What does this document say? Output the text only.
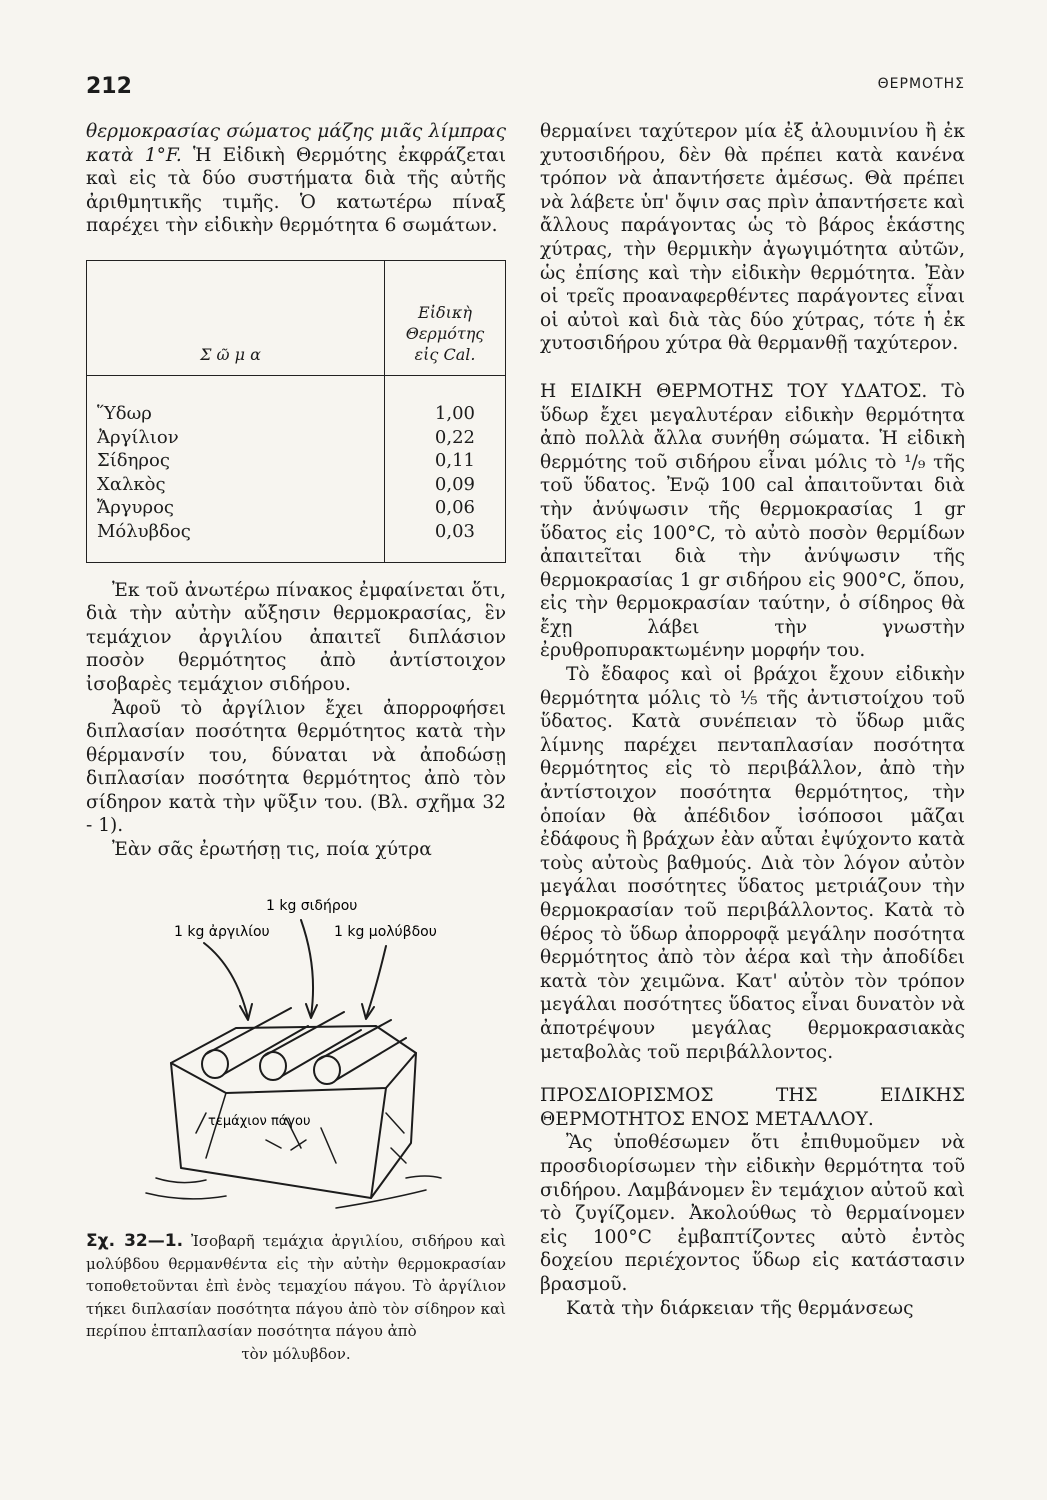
212	ΘΕΡΜΟΤΗΣ

θερμοκρασίας σώματος μάζης μιᾶς λίμπρας κατὰ 1°F. Ἡ Εἰδικὴ Θερμότης ἐκφράζεται καὶ εἰς τὰ δύο συστήματα διὰ τῆς αὐτῆς ἀριθμητικῆς τιμῆς. Ὁ κατωτέρω πίναξ παρέχει τὴν εἰδικὴν θερμότητα 6 σωμάτων.

Σ ῶ μ α	Εἰδικὴ
Θερμότης
εἰς Cal.
Ὕδωρ	1,00
Ἀργίλιον	0,22
Σίδηρος	0,11
Χαλκὸς	0,09
Ἄργυρος	0,06
Μόλυβδος	0,03

Ἐκ τοῦ ἀνωτέρω πίνακος ἐμφαίνεται ὅτι, διὰ τὴν αὐτὴν αὔξησιν θερμοκρασίας, ἓν τεμάχιον ἀργιλίου ἀπαιτεῖ διπλάσιον ποσὸν θερμότητος ἀπὸ ἀντίστοιχον ἰσοβαρὲς τεμάχιον σιδήρου.

Ἀφοῦ τὸ ἀργίλιον ἔχει ἀπορροφήσει διπλασίαν ποσότητα θερμότητος κατὰ τὴν θέρμανσίν του, δύναται νὰ ἀποδώσῃ διπλασίαν ποσότητα θερμότητος ἀπὸ τὸν σίδηρον κατὰ τὴν ψῦξιν του. (Βλ. σχῆμα 32 - 1).

Ἐὰν σᾶς ἐρωτήσῃ τις, ποία χύτρα

1 kg σιδήρου
1 kg ἀργιλίου	1 kg μολύβδου
τεμάχιον πάγου

Σχ. 32—1. Ἰσοβαρῆ τεμάχια ἀργιλίου, σιδήρου καὶ μολύβδου θερμανθέντα εἰς τὴν αὐτὴν θερμοκρασίαν τοποθετοῦνται ἐπὶ ἑνὸς τεμαχίου πάγου. Τὸ ἀργίλιον τήκει διπλασίαν ποσότητα πάγου ἀπὸ τὸν σίδηρον καὶ περίπου ἑπταπλασίαν ποσότητα πάγου ἀπὸ
τὸν μόλυβδον.

θερμαίνει ταχύτερον μία ἐξ ἀλουμινίου ἢ ἐκ χυτοσιδήρου, δὲν θὰ πρέπει κατὰ κανένα τρόπον νὰ ἀπαντήσετε ἀμέσως. Θὰ πρέπει νὰ λάβετε ὑπ' ὄψιν σας πρὶν ἀπαντήσετε καὶ ἄλλους παράγοντας ὡς τὸ βάρος ἑκάστης χύτρας, τὴν θερμικὴν ἀγωγιμότητα αὐτῶν, ὡς ἐπίσης καὶ τὴν εἰδικὴν θερμότητα. Ἐὰν οἱ τρεῖς προαναφερθέντες παράγοντες εἶναι οἱ αὐτοὶ καὶ διὰ τὰς δύο χύτρας, τότε ἡ ἐκ χυτοσιδήρου χύτρα θὰ θερμανθῇ ταχύτερον.

Η ΕΙΔΙΚΗ ΘΕΡΜΟΤΗΣ ΤΟΥ ΥΔΑΤΟΣ. Τὸ ὕδωρ ἔχει μεγαλυτέραν εἰδικὴν θερμότητα ἀπὸ πολλὰ ἄλλα συνήθη σώματα. Ἡ εἰδικὴ θερμότης τοῦ σιδήρου εἶναι μόλις τὸ ¹/₉ τῆς τοῦ ὕδατος. Ἐνῷ 100 cal ἀπαιτοῦνται διὰ τὴν ἀνύψωσιν τῆς θερμοκρασίας 1 gr ὕδατος εἰς 100°C, τὸ αὐτὸ ποσὸν θερμίδων ἀπαιτεῖται διὰ τὴν ἀνύψωσιν τῆς θερμοκρασίας 1 gr σιδήρου εἰς 900°C, ὅπου, εἰς τὴν θερμοκρασίαν ταύτην, ὁ σίδηρος θὰ ἔχῃ λάβει τὴν γνωστὴν ἐρυθροπυρακτωμένην μορφήν του.

Τὸ ἔδαφος καὶ οἱ βράχοι ἔχουν εἰδικὴν θερμότητα μόλις τὸ ⅕ τῆς ἀντιστοίχου τοῦ ὕδατος. Κατὰ συνέπειαν τὸ ὕδωρ μιᾶς λίμνης παρέχει πενταπλασίαν ποσότητα θερμότητος εἰς τὸ περιβάλλον, ἀπὸ τὴν ἀντίστοιχον ποσότητα θερμότητος, τὴν ὁποίαν θὰ ἀπέδιδον ἰσόποσοι μᾶζαι ἐδάφους ἢ βράχων ἐὰν αὗται ἐψύχοντο κατὰ τοὺς αὐτοὺς βαθμούς. Διὰ τὸν λόγον αὐτὸν μεγάλαι ποσότητες ὕδατος μετριάζουν τὴν θερμοκρασίαν τοῦ περιβάλλοντος. Κατὰ τὸ θέρος τὸ ὕδωρ ἀπορροφᾷ μεγάλην ποσότητα θερμότητος ἀπὸ τὸν ἀέρα καὶ τὴν ἀποδίδει κατὰ τὸν χειμῶνα. Κατ' αὐτὸν τὸν τρόπον μεγάλαι ποσότητες ὕδατος εἶναι δυνατὸν νὰ ἀποτρέψουν μεγάλας θερμοκρασιακὰς μεταβολὰς τοῦ περιβάλλοντος.

ΠΡΟΣΔΙΟΡΙΣΜΟΣ ΤΗΣ ΕΙΔΙΚΗΣ ΘΕΡΜΟΤΗΤΟΣ ΕΝΟΣ ΜΕΤΑΛΛΟΥ.

Ἂς ὑποθέσωμεν ὅτι ἐπιθυμοῦμεν νὰ προσδιορίσωμεν τὴν εἰδικὴν θερμότητα τοῦ σιδήρου. Λαμβάνομεν ἓν τεμάχιον αὐτοῦ καὶ τὸ ζυγίζομεν. Ἀκολούθως τὸ θερμαίνομεν εἰς 100°C ἐμβαπτίζοντες αὐτὸ ἐντὸς δοχείου περιέχοντος ὕδωρ εἰς κατάστασιν βρασμοῦ.

Κατὰ τὴν διάρκειαν τῆς θερμάνσεως
